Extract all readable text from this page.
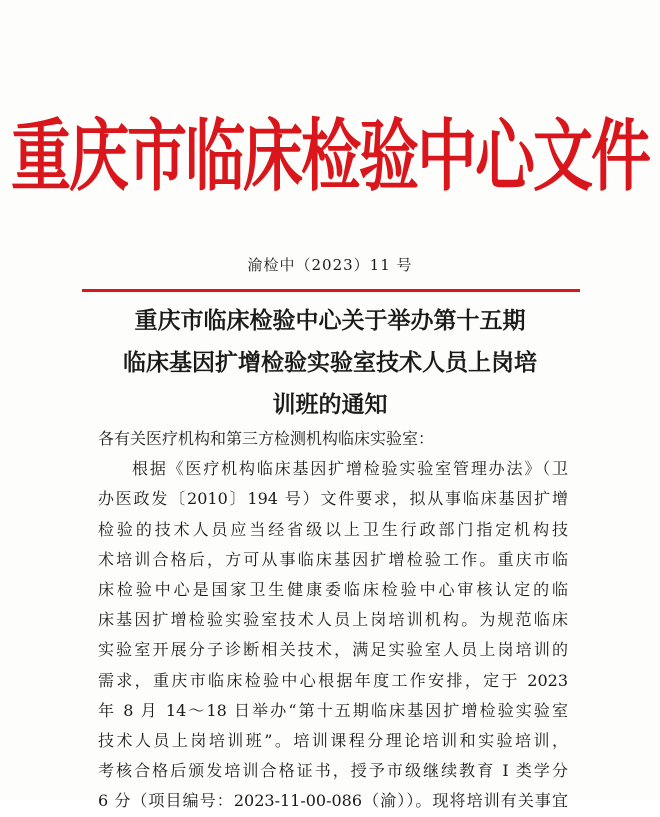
重庆市临床检验中心文件
渝检中（2023）11 号
重庆市临床检验中心关于举办第十五期
临床基因扩增检验实验室技术人员上岗培
训班的通知
各有关医疗机构和第三方检测机构临床实验室：
根据《医疗机构临床基因扩增检验实验室管理办法》（卫
办医政发〔2010〕194 号）文件要求，拟从事临床基因扩增
检验的技术人员应当经省级以上卫生行政部门指定机构技
术培训合格后，方可从事临床基因扩增检验工作。重庆市临
床检验中心是国家卫生健康委临床检验中心审核认定的临
床基因扩增检验实验室技术人员上岗培训机构。为规范临床
实验室开展分子诊断相关技术，满足实验室人员上岗培训的
需求，重庆市临床检验中心根据年度工作安排，定于 2023
年 8 月 14～18 日举办“第十五期临床基因扩增检验实验室
技术人员上岗培训班”。培训课程分理论培训和实验培训，
考核合格后颁发培训合格证书，授予市级继续教育 I 类学分
6 分（项目编号：2023-11-00-086（渝））。现将培训有关事宜
